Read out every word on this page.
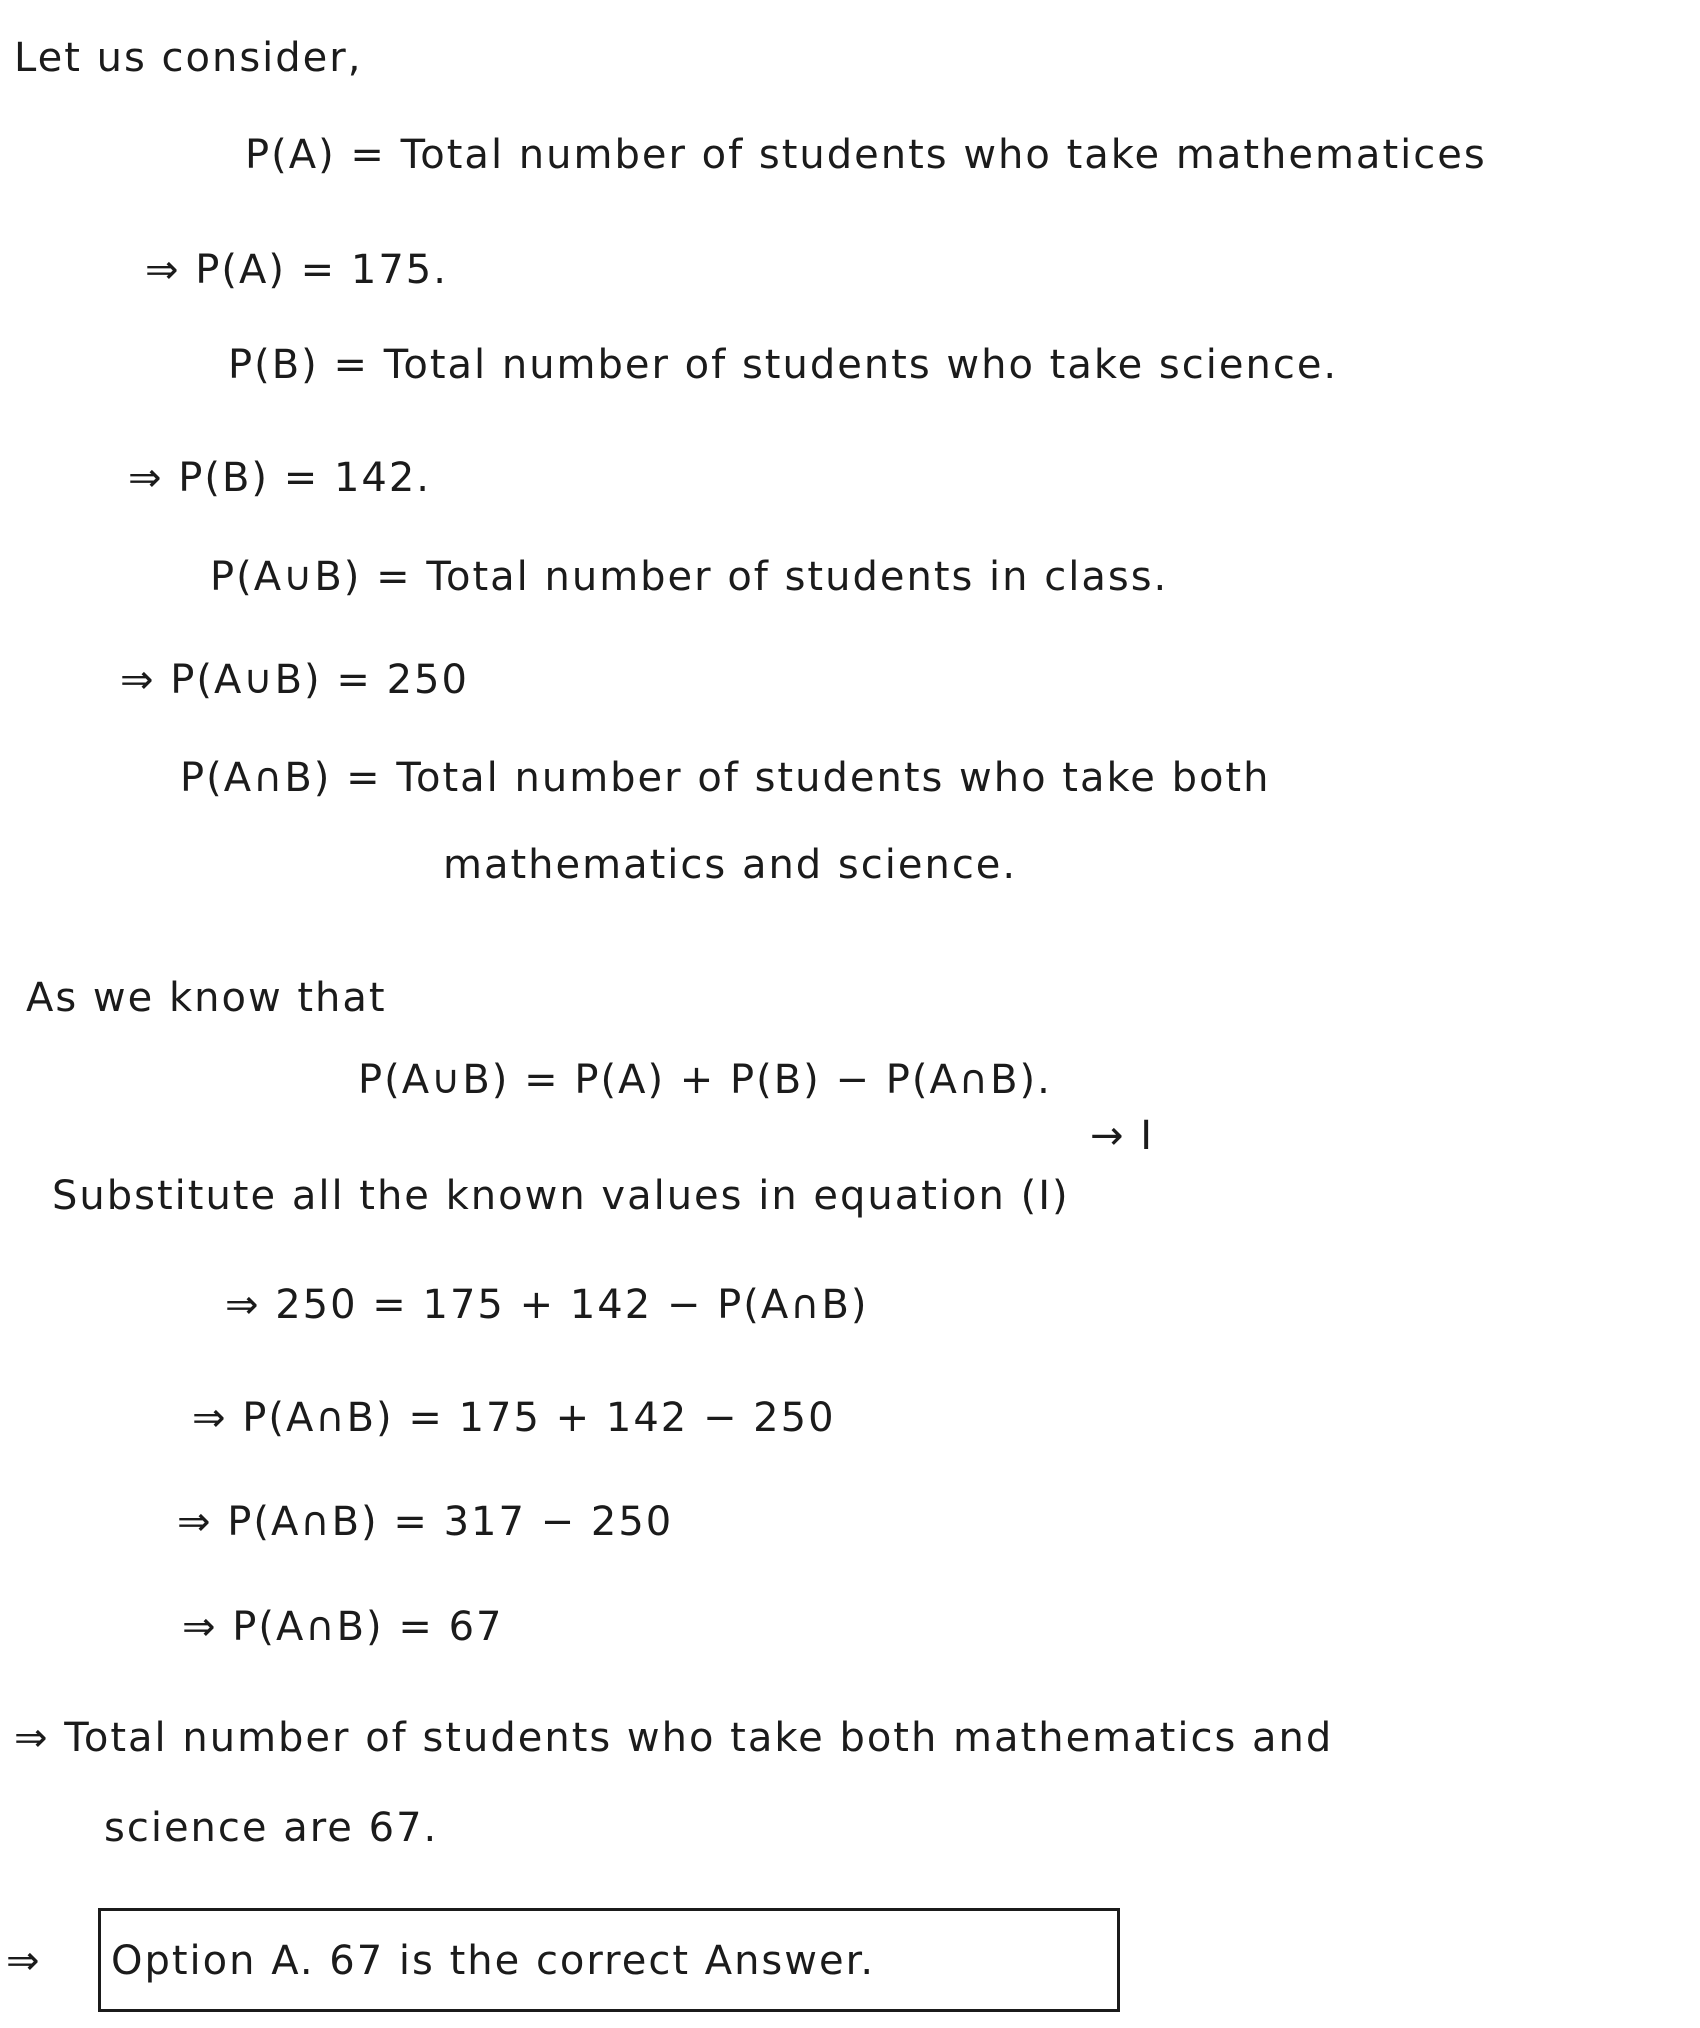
Let us consider,
P(A) = Total number of students who take mathematices
⇒ P(A) = 175.
P(B) = Total number of students who take science.
⇒ P(B) = 142.
P(A∪B) = Total number of students in class.
⇒ P(A∪B) = 250
P(A∩B) = Total number of students who take both
mathematics and science.
As we know that
P(A∪B) = P(A) + P(B) − P(A∩B).
→ I
Substitute all the known values in equation (I)
⇒ 250 = 175 + 142 − P(A∩B)
⇒ P(A∩B) = 175 + 142 − 250
⇒ P(A∩B) = 317 − 250
⇒ P(A∩B) = 67
⇒ Total number of students who take both mathematics and
science are 67.
⇒ Option A. 67 is the correct Answer.
